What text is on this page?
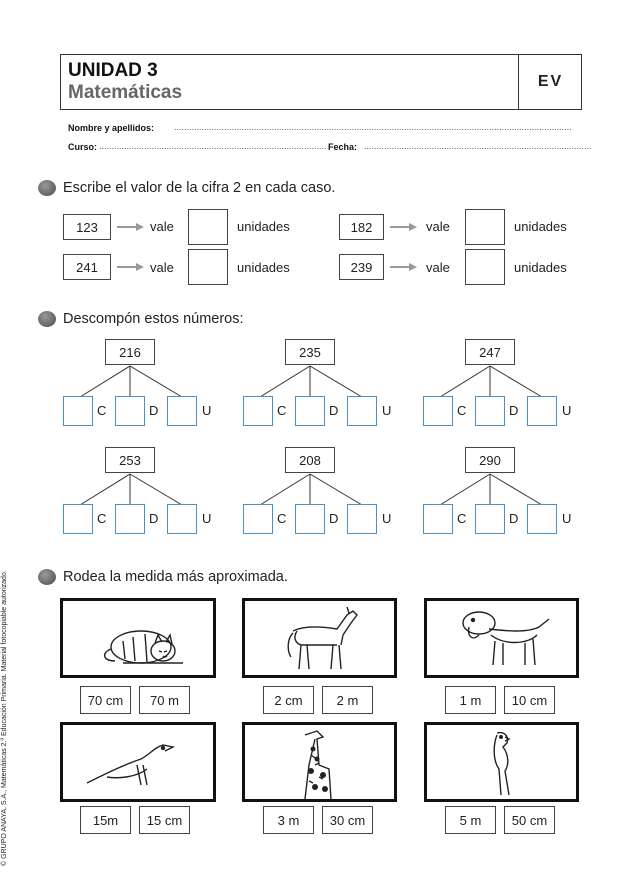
UNIDAD 3
Matemáticas
EV
Nombre y apellidos: ...............................................................................................................................................................
Curso: ........................................................................................... Fecha: ...........................................................................................
Escribe el valor de la cifra 2 en cada caso.
123	vale	unidades	182	vale	unidades
241	vale	unidades	239	vale	unidades
Descompón estos números:
216	235	247
C	D	U	C	D	U	C	D	U
253	208	290
C	D	U	C	D	U	C	D	U
Rodea la medida más aproximada.
70 cm	70 m	2 cm	2 m	1 m	10 cm
15m	15 cm	3 m	30 cm	5 m	50 cm
© GRUPO ANAYA, S.A., Matemáticas 2.º Educación Primaria. Material fotocopiable autorizado.
